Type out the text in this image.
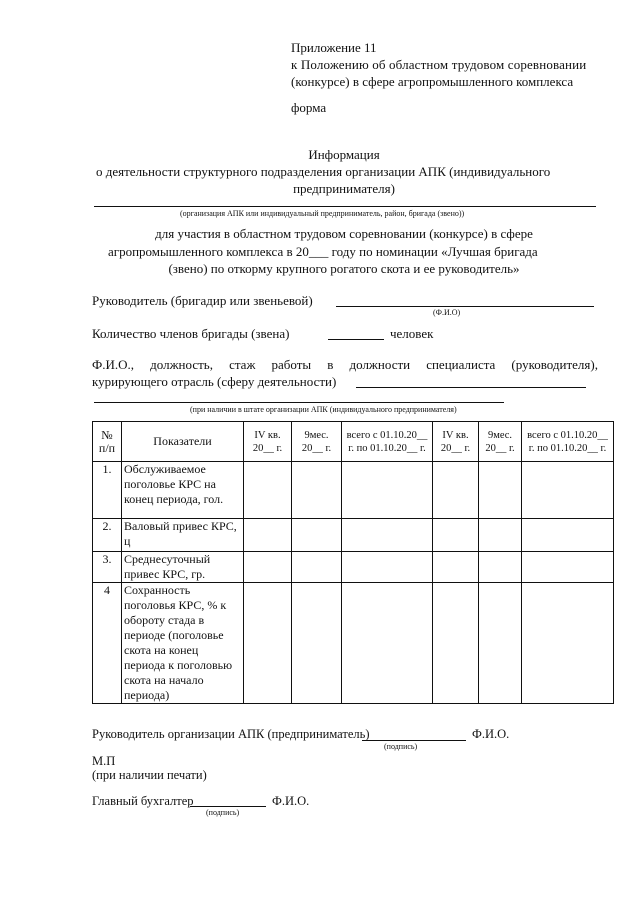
Приложение 11
к Положению об областном трудовом соревновании
(конкурсе) в сфере агропромышленного комплекса
форма
Информация
о деятельности структурного подразделения организации АПК (индивидуального
предпринимателя)
(организация АПК или индивидуальный предприниматель, район, бригада (звено))
для участия в областном трудовом соревновании (конкурсе) в сфере
агропромышленного комплекса в 20___ году по номинации «Лучшая бригада
(звено) по откорму крупного рогатого скота и ее руководитель»
Руководитель (бригадир или звеньевой)
(Ф.И.О)
Количество членов бригады (звена)	человек
Ф.И.О., должность, стаж работы в должности специалиста (руководителя),
курирующего отрасль (сферу деятельности)
(при наличии в штате организации АПК (индивидуального предпринимателя)
№ п/п	Показатели	IV кв. 20__ г.	9мес. 20__ г.	всего с 01.10.20__ г. по 01.10.20__ г.	IV кв. 20__ г.	9мес. 20__ г.	всего с 01.10.20__ г. по 01.10.20__ г.
1.	Обслуживаемое поголовье КРС на конец периода, гол.						
2.	Валовый привес КРС, ц						
3.	Среднесуточный привес КРС, гр.						
4	Сохранность поголовья КРС, % к обороту стада в периоде (поголовье скота на конец периода к поголовью скота на начало периода)						
Руководитель организации АПК (предприниматель)
(подпись)
Ф.И.О.
М.П
(при наличии печати)
Главный бухгалтер
(подпись)
Ф.И.О.
